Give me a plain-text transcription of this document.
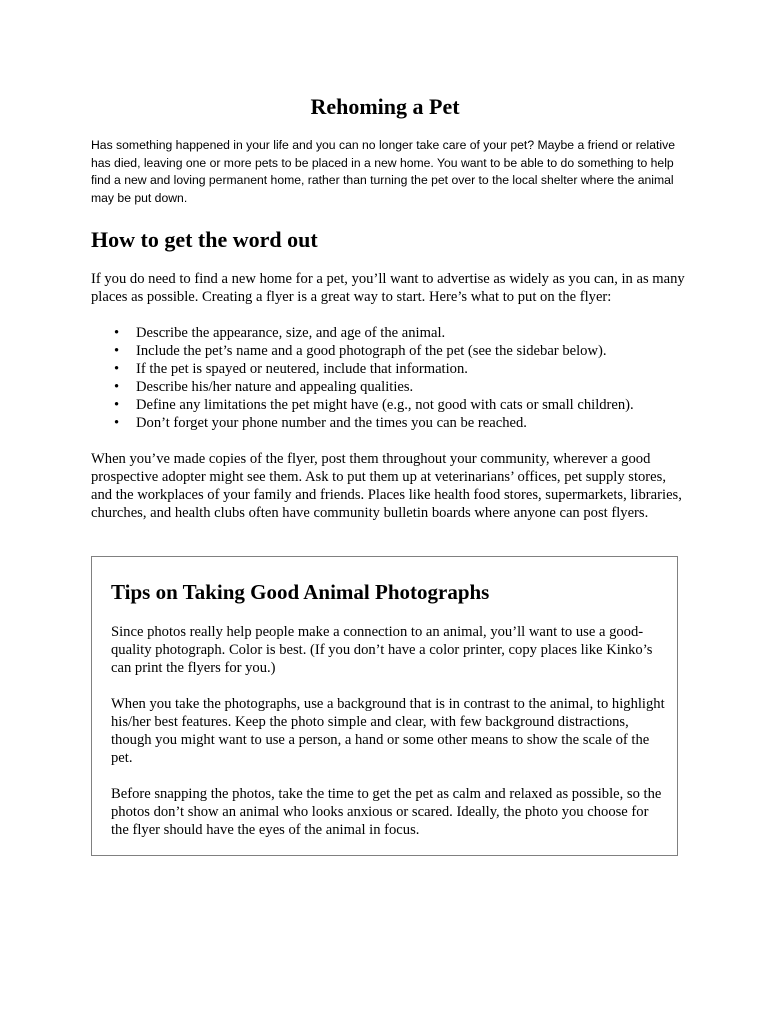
Rehoming a Pet

Has something happened in your life and you can no longer take care of your pet? Maybe a friend or relative has died, leaving one or more pets to be placed in a new home. You want to be able to do something to help find a new and loving permanent home, rather than turning the pet over to the local shelter where the animal may be put down.

How to get the word out

If you do need to find a new home for a pet, you’ll want to advertise as widely as you can, in as many places as possible. Creating a flyer is a great way to start. Here’s what to put on the flyer:

• Describe the appearance, size, and age of the animal.
• Include the pet’s name and a good photograph of the pet (see the sidebar below).
• If the pet is spayed or neutered, include that information.
• Describe his/her nature and appealing qualities.
• Define any limitations the pet might have (e.g., not good with cats or small children).
• Don’t forget your phone number and the times you can be reached.

When you’ve made copies of the flyer, post them throughout your community, wherever a good prospective adopter might see them. Ask to put them up at veterinarians’ offices, pet supply stores, and the workplaces of your family and friends. Places like health food stores, supermarkets, libraries, churches, and health clubs often have community bulletin boards where anyone can post flyers.

Tips on Taking Good Animal Photographs

Since photos really help people make a connection to an animal, you’ll want to use a good-quality photograph. Color is best. (If you don’t have a color printer, copy places like Kinko’s can print the flyers for you.)

When you take the photographs, use a background that is in contrast to the animal, to highlight his/her best features. Keep the photo simple and clear, with few background distractions, though you might want to use a person, a hand or some other means to show the scale of the pet.

Before snapping the photos, take the time to get the pet as calm and relaxed as possible, so the photos don’t show an animal who looks anxious or scared. Ideally, the photo you choose for the flyer should have the eyes of the animal in focus.
